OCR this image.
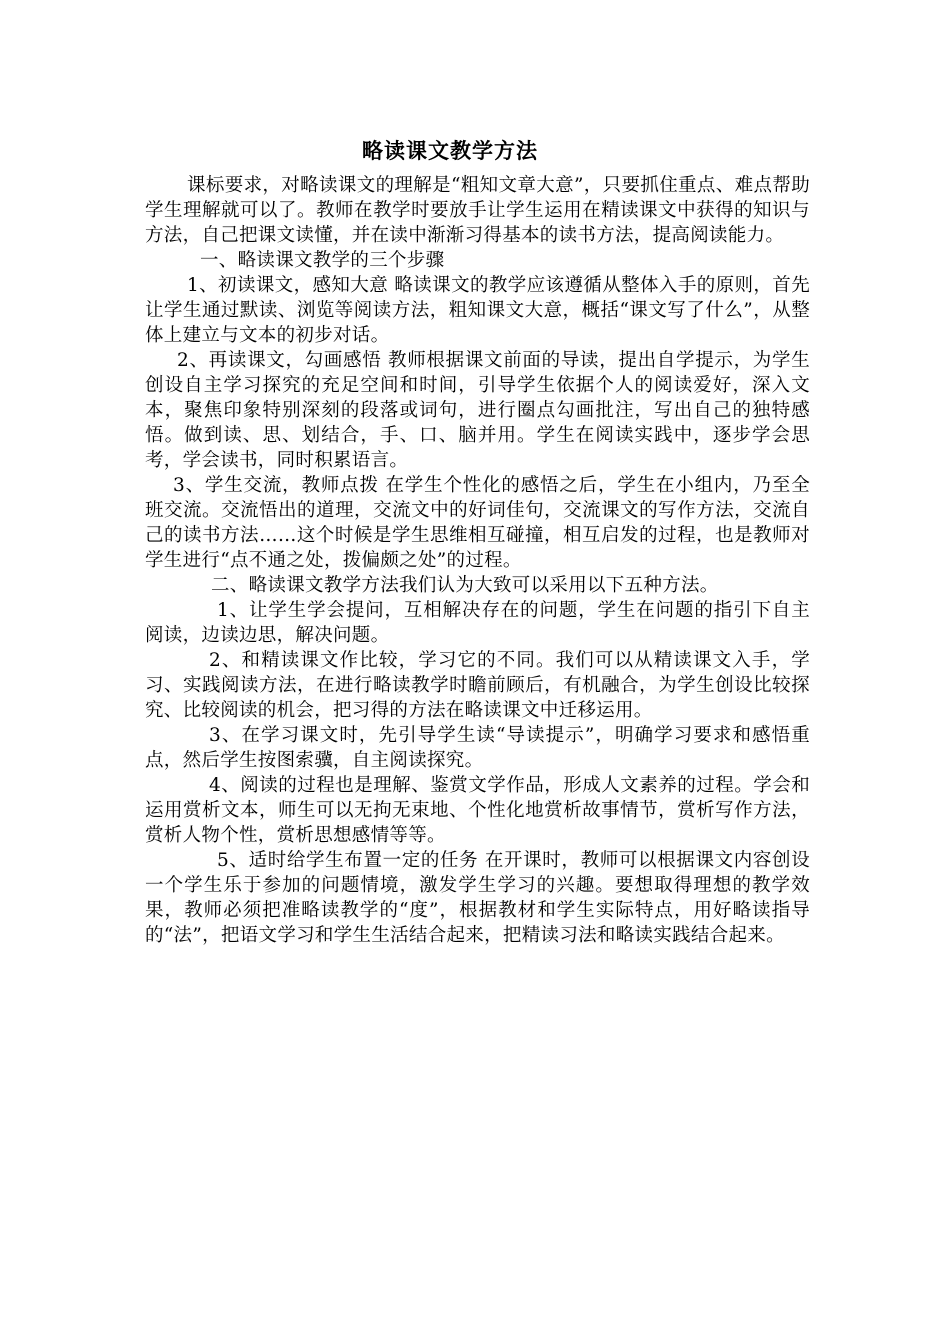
略读课文教学方法

课标要求，对略读课文的理解是“粗知文章大意”，只要抓住重点、难点帮助学生理解就可以了。教师在教学时要放手让学生运用在精读课文中获得的知识与方法，自己把课文读懂，并在读中渐渐习得基本的读书方法，提高阅读能力。

一、略读课文教学的三个步骤

1、初读课文，感知大意 略读课文的教学应该遵循从整体入手的原则，首先让学生通过默读、浏览等阅读方法，粗知课文大意，概括“课文写了什么”，从整体上建立与文本的初步对话。

2、再读课文，勾画感悟 教师根据课文前面的导读，提出自学提示，为学生创设自主学习探究的充足空间和时间，引导学生依据个人的阅读爱好，深入文本，聚焦印象特别深刻的段落或词句，进行圈点勾画批注，写出自己的独特感悟。做到读、思、划结合，手、口、脑并用。学生在阅读实践中，逐步学会思考，学会读书，同时积累语言。

3、学生交流，教师点拨 在学生个性化的感悟之后，学生在小组内，乃至全班交流。交流悟出的道理，交流文中的好词佳句，交流课文的写作方法，交流自己的读书方法……这个时候是学生思维相互碰撞，相互启发的过程，也是教师对学生进行“点不通之处，拨偏颇之处”的过程。

二、略读课文教学方法我们认为大致可以采用以下五种方法。

1、让学生学会提问，互相解决存在的问题，学生在问题的指引下自主阅读，边读边思，解决问题。

2、和精读课文作比较，学习它的不同。我们可以从精读课文入手，学习、实践阅读方法，在进行略读教学时瞻前顾后，有机融合，为学生创设比较探究、比较阅读的机会，把习得的方法在略读课文中迁移运用。

3、在学习课文时，先引导学生读“导读提示”，明确学习要求和感悟重点，然后学生按图索骥，自主阅读探究。

4、阅读的过程也是理解、鉴赏文学作品，形成人文素养的过程。学会和运用赏析文本，师生可以无拘无束地、个性化地赏析故事情节，赏析写作方法，赏析人物个性，赏析思想感情等等。

5、适时给学生布置一定的任务 在开课时，教师可以根据课文内容创设一个学生乐于参加的问题情境，激发学生学习的兴趣。要想取得理想的教学效果，教师必须把准略读教学的“度”，根据教材和学生实际特点，用好略读指导的“法”，把语文学习和学生生活结合起来，把精读习法和略读实践结合起来。
